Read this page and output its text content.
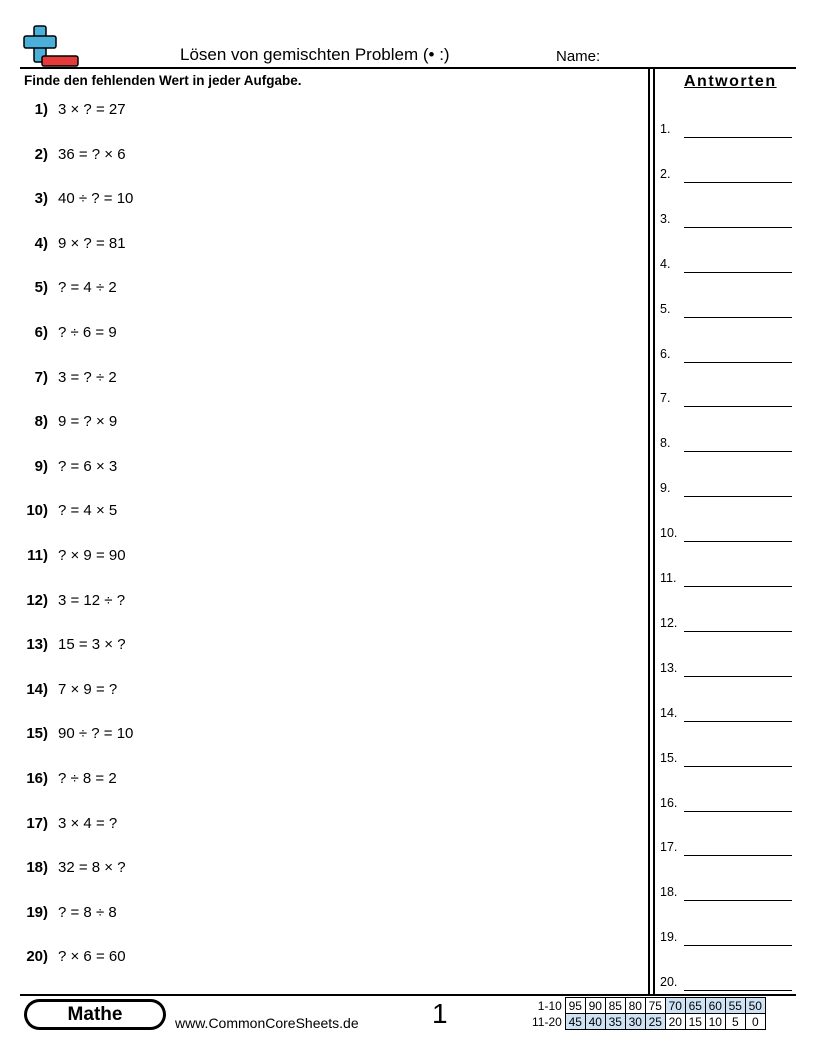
Lösen von gemischten Problem (• :)	Name:
Finde den fehlenden Wert in jeder Aufgabe.
1) 3 × ? = 27
2) 36 = ? × 6
3) 40 ÷ ? = 10
4) 9 × ? = 81
5) ? = 4 ÷ 2
6) ? ÷ 6 = 9
7) 3 = ? ÷ 2
8) 9 = ? × 9
9) ? = 6 × 3
10) ? = 4 × 5
11) ? × 9 = 90
12) 3 = 12 ÷ ?
13) 15 = 3 × ?
14) 7 × 9 = ?
15) 90 ÷ ? = 10
16) ? ÷ 8 = 2
17) 3 × 4 = ?
18) 32 = 8 × ?
19) ? = 8 ÷ 8
20) ? × 6 = 60
Antworten
1.
2.
3.
4.
5.
6.
7.
8.
9.
10.
11.
12.
13.
14.
15.
16.
17.
18.
19.
20.
Mathe	www.CommonCoreSheets.de	1	1-10	95	90	85	80	75	70	65	60	55	50
11-20	45	40	35	30	25	20	15	10	5	0
